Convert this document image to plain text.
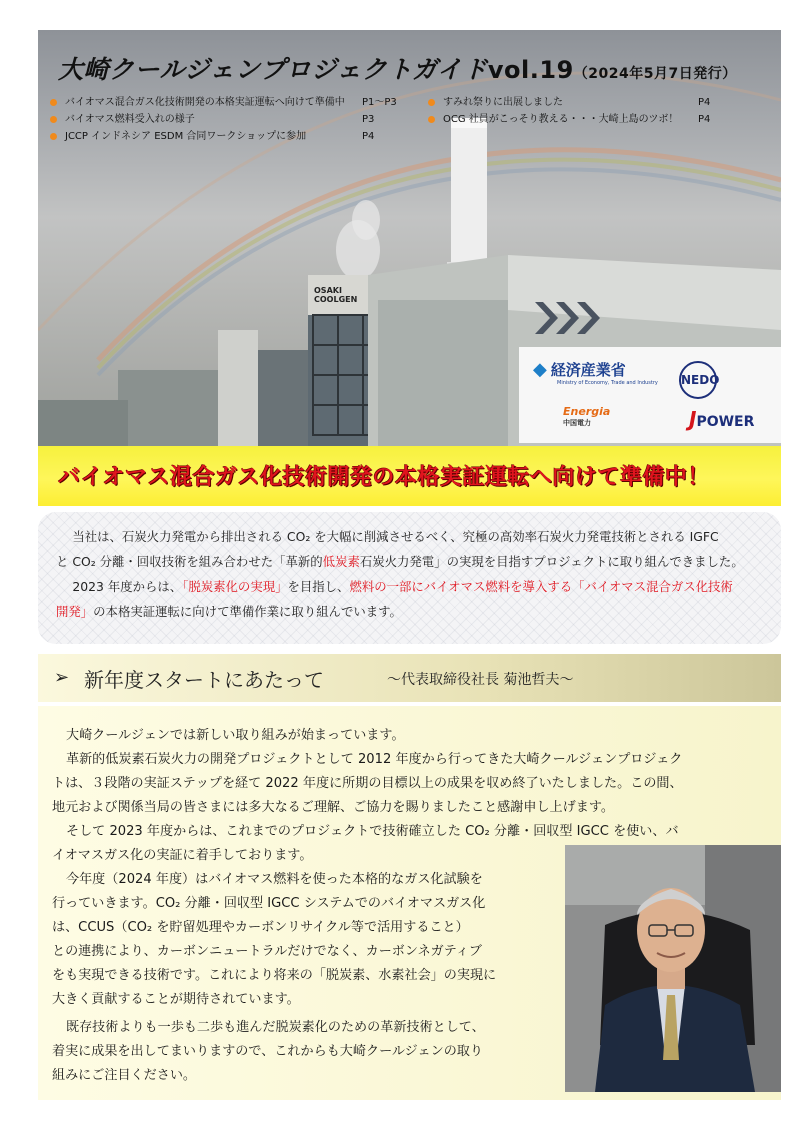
大崎クールジェンプロジェクトガイドvol.19（2024年5月7日発行）
バイオマス混合ガス化技術開発の本格実証運転へ向けて準備中 P1～P3
バイオマス燃料受入れの様子	P3
JCCP インドネシア ESDM 合同ワークショップに参加	P4
すみれ祭りに出展しました	P4
OCG 社員がこっそり教える・・・大崎上島のツボ！ P4
OSAKI
COOLGEN
◆ 経済産業省
Ministry of Economy, Trade and Industry NEDO
Energia
中国電力	JPOWER
バイオマス混合ガス化技術開発の本格実証運転へ向けて準備中！

　 当社は、石炭火力発電から排出される CO₂ を大幅に削減させるべく、究極の高効率石炭火力発電技術とされる IGFC

と CO₂ 分離・回収技術を組み合わせた「革新的低炭素石炭火力発電」の実現を目指すプロジェクトに取り組んできました。

　 2023 年度からは、「脱炭素化の実現」を目指し、燃料の一部にバイオマス燃料を導入する「バイオマス混合ガス化技術

開発」の本格実証運転に向けて準備作業に取り組んでいます。

➢ 新年度スタートにあたって	～代表取締役社長 菊池哲夫～
大崎クールジェンでは新しい取り組みが始まっています。
革新的低炭素石炭火力の開発プロジェクトとして 2012 年度から行ってきた大崎クールジェンプロジェク
トは、３段階の実証ステップを経て 2022 年度に所期の目標以上の成果を収め終了いたしました。この間、
地元および関係当局の皆さまには多大なるご理解、ご協力を賜りましたこと感謝申し上げます。
そして 2023 年度からは、これまでのプロジェクトで技術確立した CO₂ 分離・回収型 IGCC を使い、バ
イオマスガス化の実証に着手しております。
今年度（2024 年度）はバイオマス燃料を使った本格的なガス化試験を
行っていきます。CO₂ 分離・回収型 IGCC システムでのバイオマスガス化
は、CCUS（CO₂ を貯留処理やカーボンリサイクル等で活用すること）
との連携により、カーボンニュートラルだけでなく、カーボンネガティブ
をも実現できる技術です。これにより将来の「脱炭素、水素社会」の実現に
大きく貢献することが期待されています。
既存技術よりも一歩も二歩も進んだ脱炭素化のための革新技術として、
着実に成果を出してまいりますので、これからも大崎クールジェンの取り
組みにご注目ください。
